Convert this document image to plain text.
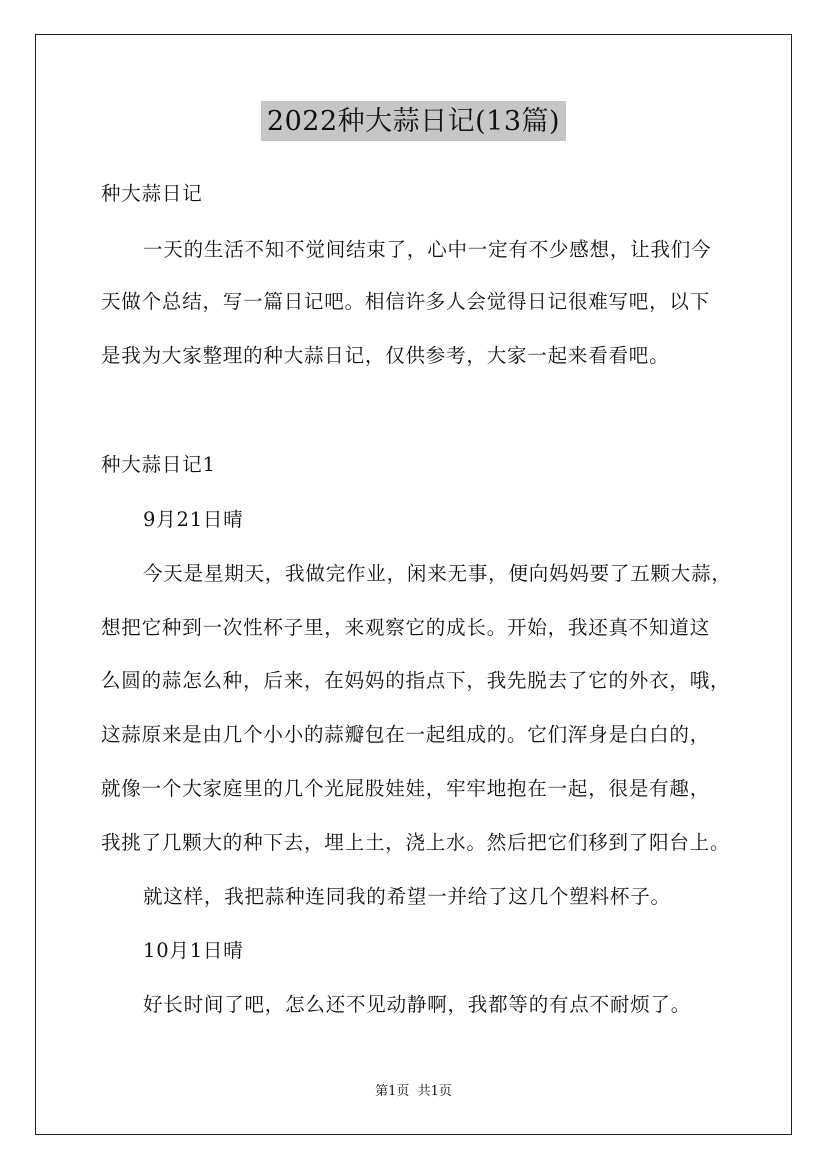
2022种大蒜日记(13篇)
种大蒜日记
一天的生活不知不觉间结束了，心中一定有不少感想，让我们今
天做个总结，写一篇日记吧。相信许多人会觉得日记很难写吧，以下
是我为大家整理的种大蒜日记，仅供参考，大家一起来看看吧。
种大蒜日记1
9月21日晴
今天是星期天，我做完作业，闲来无事，便向妈妈要了五颗大蒜，
想把它种到一次性杯子里，来观察它的成长。开始，我还真不知道这
么圆的蒜怎么种，后来，在妈妈的指点下，我先脱去了它的外衣，哦，
这蒜原来是由几个小小的蒜瓣包在一起组成的。它们浑身是白白的，
就像一个大家庭里的几个光屁股娃娃，牢牢地抱在一起，很是有趣，
我挑了几颗大的种下去，埋上土，浇上水。然后把它们移到了阳台上。
就这样，我把蒜种连同我的希望一并给了这几个塑料杯子。
10月1日晴
好长时间了吧，怎么还不见动静啊，我都等的有点不耐烦了。
第1页  共1页
